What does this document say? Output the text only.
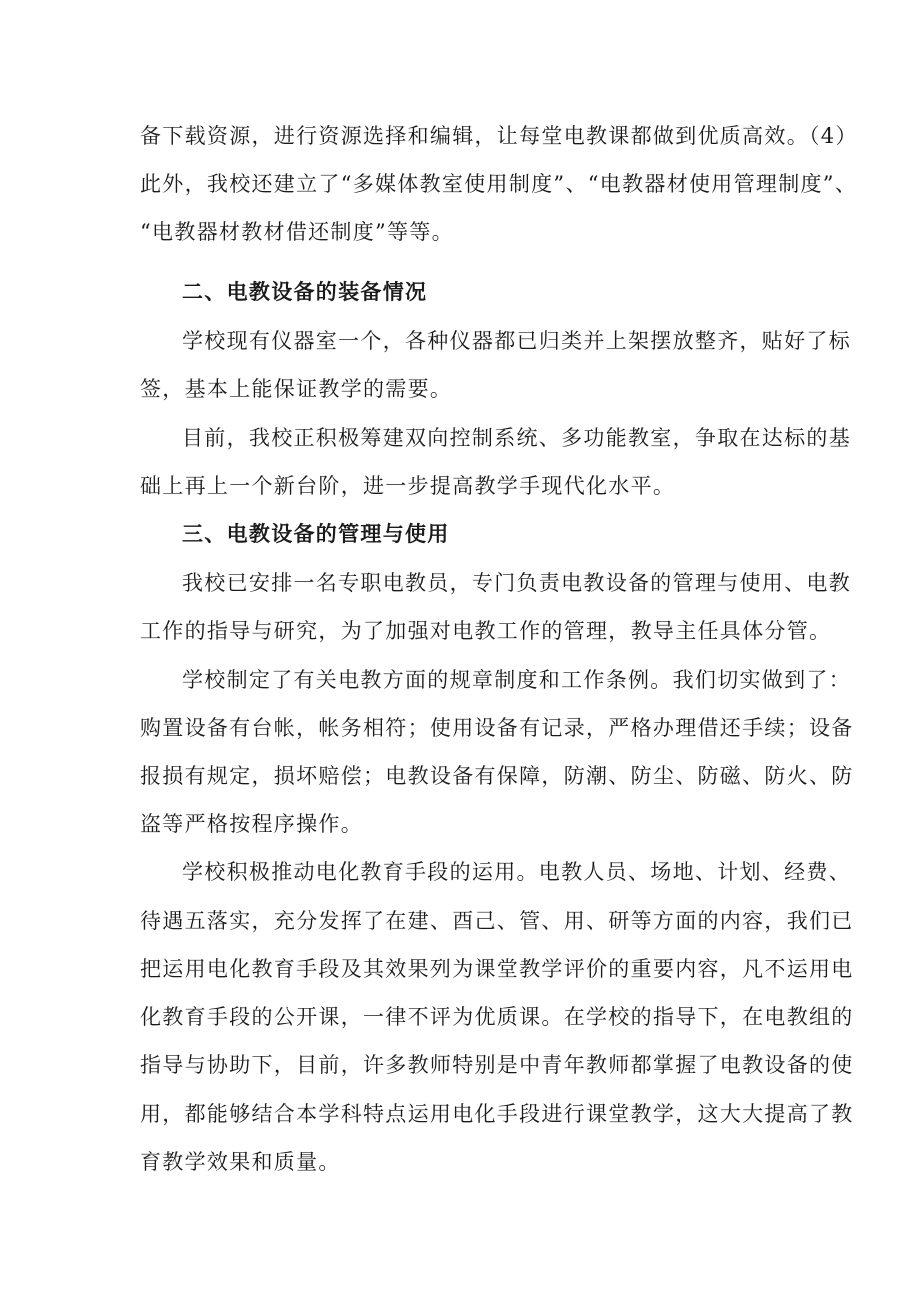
备下载资源，进行资源选择和编辑，让每堂电教课都做到优质高效。（4）
此外，我校还建立了“多媒体教室使用制度”、“电教器材使用管理制度”、
“电教器材教材借还制度”等等。
二、电教设备的装备情况
学校现有仪器室一个，各种仪器都已归类并上架摆放整齐，贴好了标
签，基本上能保证教学的需要。
目前，我校正积极筹建双向控制系统、多功能教室，争取在达标的基
础上再上一个新台阶，进一步提高教学手现代化水平。
三、电教设备的管理与使用
我校已安排一名专职电教员，专门负责电教设备的管理与使用、电教
工作的指导与研究，为了加强对电教工作的管理，教导主任具体分管。
学校制定了有关电教方面的规章制度和工作条例。我们切实做到了：
购置设备有台帐，帐务相符；使用设备有记录，严格办理借还手续；设备
报损有规定，损坏赔偿；电教设备有保障，防潮、防尘、防磁、防火、防
盗等严格按程序操作。
学校积极推动电化教育手段的运用。电教人员、场地、计划、经费、
待遇五落实，充分发挥了在建、酉己、管、用、研等方面的内容，我们已
把运用电化教育手段及其效果列为课堂教学评价的重要内容，凡不运用电
化教育手段的公开课，一律不评为优质课。在学校的指导下，在电教组的
指导与协助下，目前，许多教师特别是中青年教师都掌握了电教设备的使
用，都能够结合本学科特点运用电化手段进行课堂教学，这大大提高了教
育教学效果和质量。
